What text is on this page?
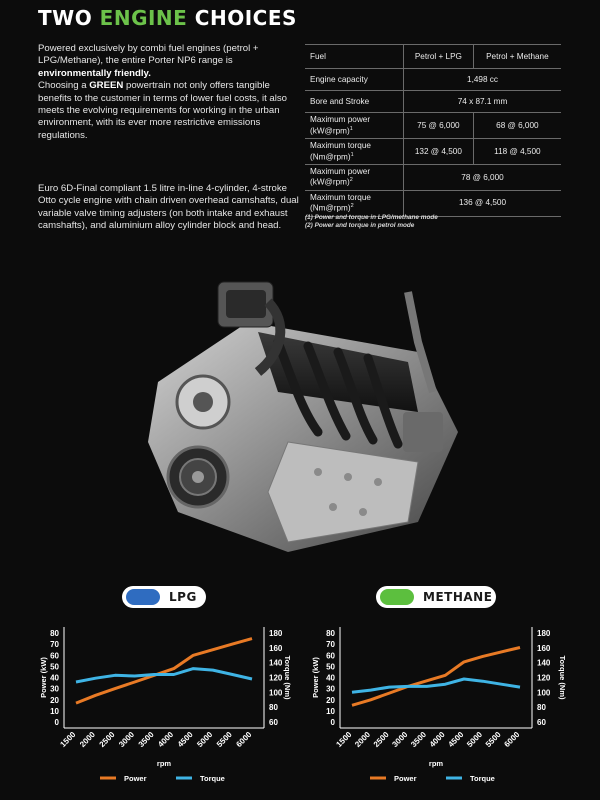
TWO ENGINE CHOICES

Powered exclusively by combi fuel engines (petrol + LPG/Methane), the entire Porter NP6 range is environmentally friendly.

Choosing a GREEN powertrain not only offers tangible benefits to the customer in terms of lower fuel costs, it also meets the evolving requirements for working in the urban environment, with its ever more restrictive emissions regulations.

Euro 6D-Final compliant 1.5 litre in-line 4-cylinder, 4-stroke Otto cycle engine with chain driven overhead camshafts, dual variable valve timing adjusters (on both intake and exhaust camshafts), and aluminium alloy cylinder block and head.

Fuel	Petrol + LPG	Petrol + Methane
Engine capacity	1,498 cc	
Bore and Stroke	74 x 87.1 mm	
Maximum power (kW@rpm)$^1$	75 @ 6,000	68 @ 6,000
Maximum torque (Nm@rpm)$^1$	132 @ 4,500	118 @ 4,500
Maximum power (kW@rpm)$^2$	78 @ 6,000	
Maximum torque (Nm@rpm)$^2$	136 @ 4,500	
(1) Power and torque in LPG/methane mode
(2) Power and torque in petrol mode
LPG	METHANE
0
10
20
30
40
50
60
70
80
60
80
100
120
140
160
180
1500 2000 2500 3000 3500 4000 4500 5000 5500 6000
rpm
Power (kW)	Torque (Nm)
Power	Torque
0
10
20
30
40
50
60
70
80
60
80
100
120
140
160
180
1500 2000 2500 3000 3500 4000 4500 5000 5500 6000
rpm
Power (kW)	Torque (Nm)
Power	Torque
